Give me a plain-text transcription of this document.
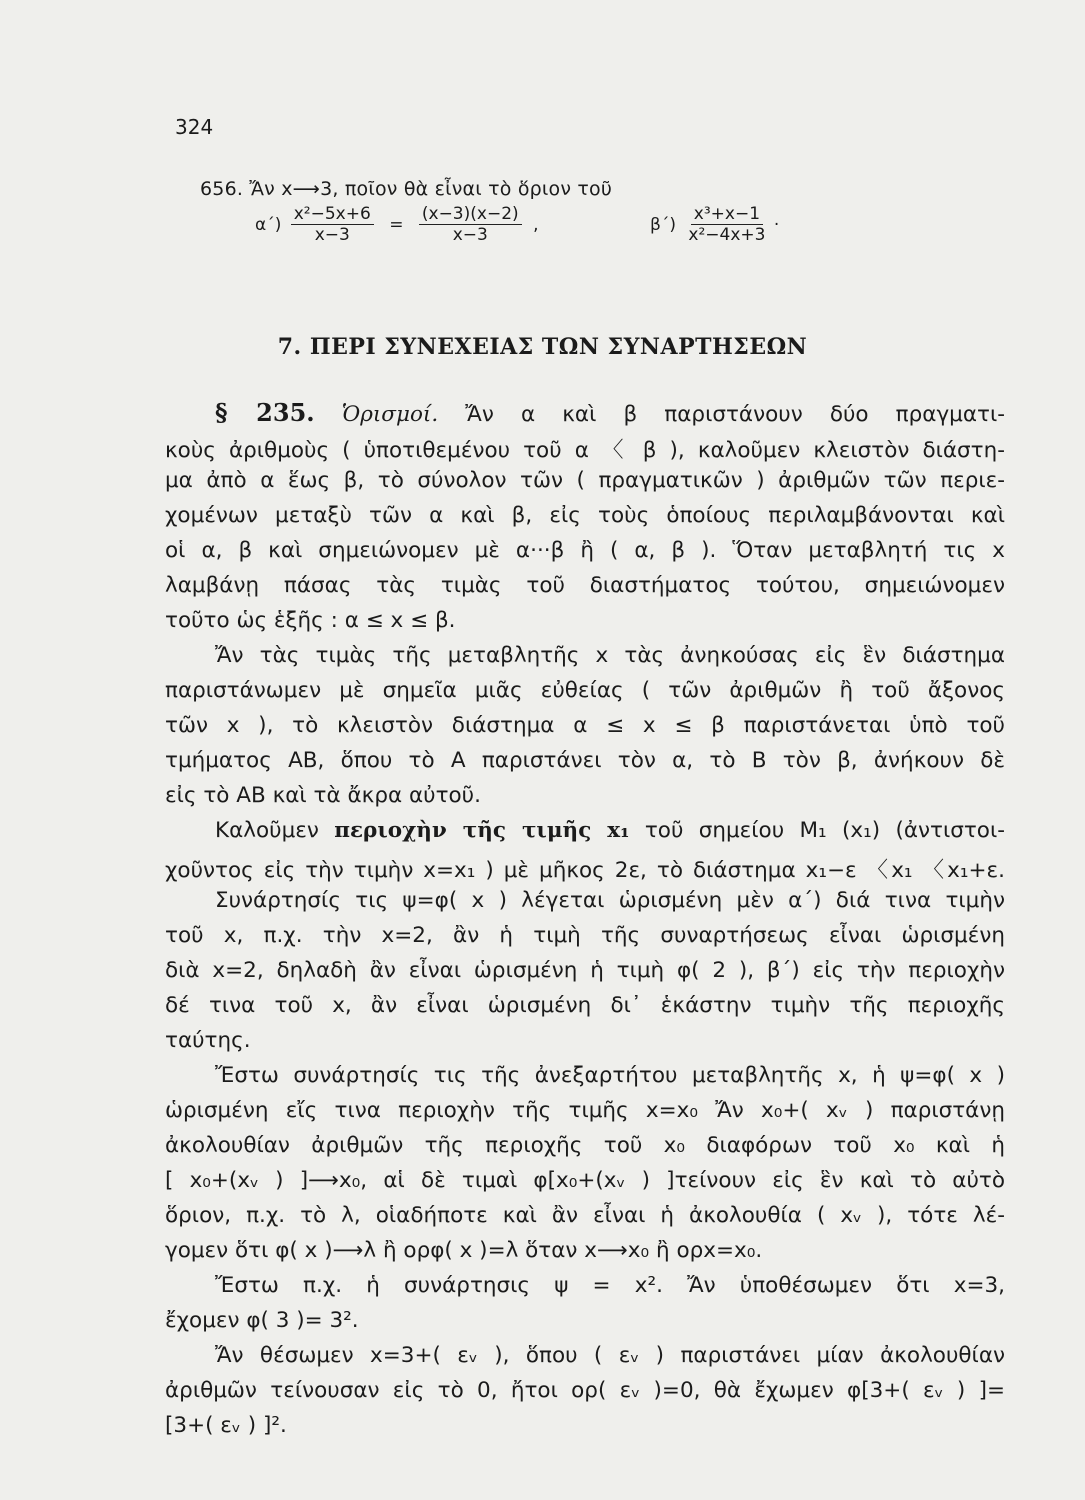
324
656. Ἄν x⟶3, ποῖον θὰ εἶναι τὸ ὅριον τοῦ
$\alpha΄) \frac{\text{x²−5x+6}}{x-3} = \frac{(x-3)(x-2)}{x-3}$ ,	$\beta΄) \frac{\text{x³+x−1}}{\text{x²−4x+3}}$ ·
7. ΠΕΡΙ ΣΥΝΕΧΕΙΑΣ ΤΩΝ ΣΥΝΑΡΤΗΣΕΩΝ
§ 235. Ὁρισμοί. Ἄν α καὶ β παριστάνουν δύο πραγματι-
κοὺς ἀριθμοὺς ( ὑποτιθεμένου τοῦ α 〈 β ), καλοῦμεν κλειστὸν διάστη-
μα ἀπὸ α ἕως β, τὸ σύνολον τῶν ( πραγματικῶν ) ἀριθμῶν τῶν περιε-
χομένων μεταξὺ τῶν α καὶ β, εἰς τοὺς ὁποίους περιλαμβάνονται καὶ
οἱ α, β καὶ σημειώνομεν μὲ α···β ἢ ( α, β ). Ὅταν μεταβλητή τις x
λαμβάνῃ πάσας τὰς τιμὰς τοῦ διαστήματος τούτου, σημειώνομεν
τοῦτο ὡς ἑξῆς : α ≤ x ≤ β.
Ἄν τὰς τιμὰς τῆς μεταβλητῆς x τὰς ἀνηκούσας εἰς ἓν διάστημα
παριστάνωμεν μὲ σημεῖα μιᾶς εὐθείας ( τῶν ἀριθμῶν ἢ τοῦ ἄξονος
τῶν x ), τὸ κλειστὸν διάστημα α ≤ x ≤ β παριστάνεται ὑπὸ τοῦ
τμήματος ΑΒ, ὅπου τὸ Α παριστάνει τὸν α, τὸ Β τὸν β, ἀνήκουν δὲ
εἰς τὸ ΑΒ καὶ τὰ ἄκρα αὐτοῦ.
Καλοῦμεν περιοχὴν τῆς τιμῆς x₁ τοῦ σημείου M₁ (x₁) (ἀντιστοι-
χοῦντος εἰς τὴν τιμὴν x=x₁ ) μὲ μῆκος 2ε, τὸ διάστημα x₁−ε 〈x₁ 〈x₁+ε.
Συνάρτησίς τις ψ=φ( x ) λέγεται ὡρισμένη μὲν α΄) διά τινα τιμὴν
τοῦ x, π.χ. τὴν x=2, ἂν ἡ τιμὴ τῆς συναρτήσεως εἶναι ὡρισμένη
διὰ x=2, δηλαδὴ ἂν εἶναι ὡρισμένη ἡ τιμὴ φ( 2 ), β΄) εἰς τὴν περιοχὴν
δέ τινα τοῦ x, ἂν εἶναι ὡρισμένη δι᾽ ἑκάστην τιμὴν τῆς περιοχῆς
ταύτης.
Ἔστω συνάρτησίς τις τῆς ἀνεξαρτήτου μεταβλητῆς x, ἡ ψ=φ( x )
ὡρισμένη εἴς τινα περιοχὴν τῆς τιμῆς x=x₀ Ἄν x₀+( xᵥ ) παριστάνῃ
ἀκολουθίαν ἀριθμῶν τῆς περιοχῆς τοῦ x₀ διαφόρων τοῦ x₀ καὶ ἡ
[ x₀+(xᵥ ) ]⟶x₀, αἱ δὲ τιμαὶ φ[x₀+(xᵥ ) ]τείνουν εἰς ἓν καὶ τὸ αὐτὸ
ὅριον, π.χ. τὸ λ, οἱαδήποτε καὶ ἂν εἶναι ἡ ἀκολουθία ( xᵥ ), τότε λέ-
γομεν ὅτι φ( x )⟶λ ἢ ορφ( x )=λ ὅταν x⟶x₀ ἢ ορx=x₀.
Ἔστω π.χ. ἡ συνάρτησις ψ = x². Ἄν ὑποθέσωμεν ὅτι x=3,
ἔχομεν φ( 3 )= 3².
Ἄν θέσωμεν x=3+( εᵥ ), ὅπου ( εᵥ ) παριστάνει μίαν ἀκολουθίαν
ἀριθμῶν τείνουσαν εἰς τὸ 0, ἤτοι ορ( εᵥ )=0, θὰ ἔχωμεν φ[3+( εᵥ ) ]=
[3+( εᵥ ) ]².
